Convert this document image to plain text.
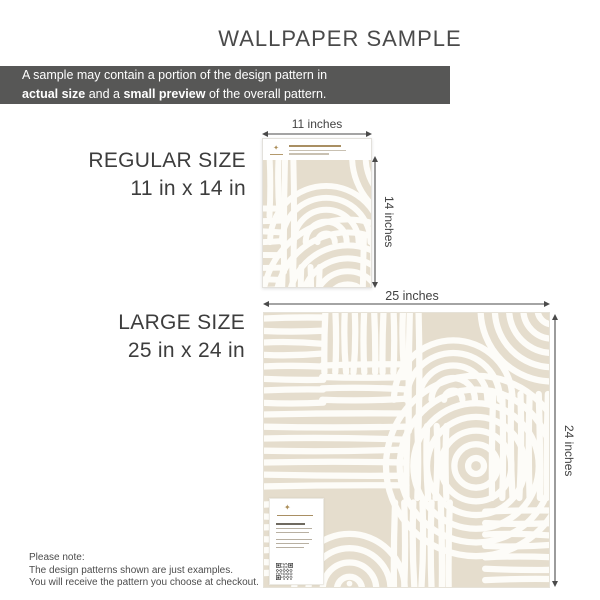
WALLPAPER SAMPLE
A sample may contain a portion of the design pattern in
actual size and a small preview of the overall pattern.
REGULAR SIZE
11 in x 14 in
11 inches
14 inches
✦
LARGE SIZE
25 in x 24 in
25 inches
24 inches
✦
Please note:
The design patterns shown are just examples.
You will receive the pattern you choose at checkout.
